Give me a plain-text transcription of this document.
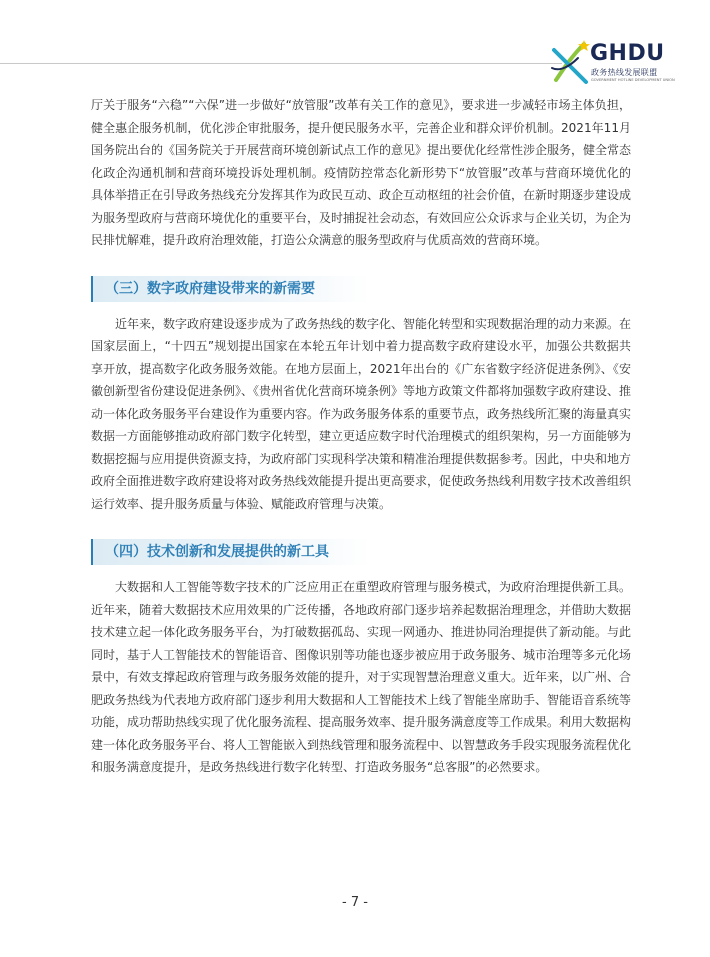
GHDU
政务热线发展联盟
GOVERNMENT HOTLINE DEVELOPMENT UNION

厅关于服务“六稳”“六保”进一步做好“放管服”改革有关工作的意见》，要求进一步减轻市场主体负担，健全惠企服务机制，优化涉企审批服务，提升便民服务水平，完善企业和群众评价机制。2021年11月国务院出台的《国务院关于开展营商环境创新试点工作的意见》提出要优化经常性涉企服务，健全常态化政企沟通机制和营商环境投诉处理机制。疫情防控常态化新形势下“放管服”改革与营商环境优化的具体举措正在引导政务热线充分发挥其作为政民互动、政企互动枢纽的社会价值，在新时期逐步建设成为服务型政府与营商环境优化的重要平台，及时捕捉社会动态，有效回应公众诉求与企业关切，为企为民排忧解难，提升政府治理效能，打造公众满意的服务型政府与优质高效的营商环境。

（三）数字政府建设带来的新需要

近年来，数字政府建设逐步成为了政务热线的数字化、智能化转型和实现数据治理的动力来源。在国家层面上，“十四五”规划提出国家在本轮五年计划中着力提高数字政府建设水平，加强公共数据共享开放，提高数字化政务服务效能。在地方层面上，2021年出台的《广东省数字经济促进条例》、《安徽创新型省份建设促进条例》、《贵州省优化营商环境条例》等地方政策文件都将加强数字政府建设、推动一体化政务服务平台建设作为重要内容。作为政务服务体系的重要节点，政务热线所汇聚的海量真实数据一方面能够推动政府部门数字化转型，建立更适应数字时代治理模式的组织架构，另一方面能够为数据挖掘与应用提供资源支持，为政府部门实现科学决策和精准治理提供数据参考。因此，中央和地方政府全面推进数字政府建设将对政务热线效能提升提出更高要求，促使政务热线利用数字技术改善组织运行效率、提升服务质量与体验、赋能政府管理与决策。

（四）技术创新和发展提供的新工具

大数据和人工智能等数字技术的广泛应用正在重塑政府管理与服务模式，为政府治理提供新工具。近年来，随着大数据技术应用效果的广泛传播，各地政府部门逐步培养起数据治理理念，并借助大数据技术建立起一体化政务服务平台，为打破数据孤岛、实现一网通办、推进协同治理提供了新动能。与此同时，基于人工智能技术的智能语音、图像识别等功能也逐步被应用于政务服务、城市治理等多元化场景中，有效支撑起政府管理与政务服务效能的提升，对于实现智慧治理意义重大。近年来，以广州、合肥政务热线为代表地方政府部门逐步利用大数据和人工智能技术上线了智能坐席助手、智能语音系统等功能，成功帮助热线实现了优化服务流程、提高服务效率、提升服务满意度等工作成果。利用大数据构建一体化政务服务平台、将人工智能嵌入到热线管理和服务流程中、以智慧政务手段实现服务流程优化和服务满意度提升，是政务热线进行数字化转型、打造政务服务“总客服”的必然要求。

- 7 -
